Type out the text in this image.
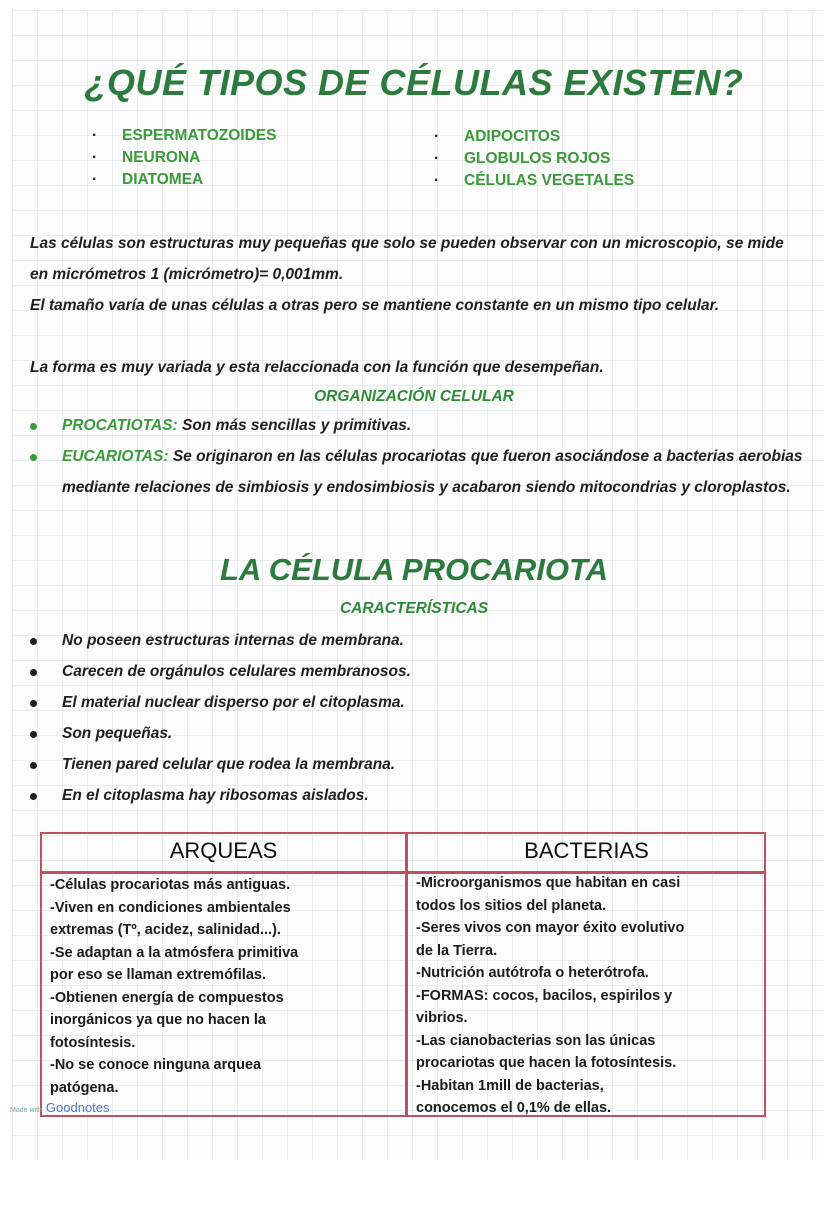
¿QUÉ TIPOS DE CÉLULAS EXISTEN?
· ESPERMATOZOIDES
· NEURONA
· DIATOMEA
· ADIPOCITOS
· GLOBULOS ROJOS
· CÉLULAS VEGETALES

Las células son estructuras muy pequeñas que solo se pueden observar con un microscopio, se mide en micrómetros 1 (micrómetro)= 0,001mm.

El tamaño varía de unas células a otras pero se mantiene constante en un mismo tipo celular.

La forma es muy variada y esta relaccionada con la función que desempeñan.

ORGANIZACIÓN CELULAR
PROCATIOTAS: Son más sencillas y primitivas.
EUCARIOTAS: Se originaron en las células procariotas que fueron asociándose a bacterias aerobias mediante relaciones de simbiosis y endosimbiosis y acabaron siendo mitocondrias y cloroplastos.
LA CÉLULA PROCARIOTA
CARACTERÍSTICAS
No poseen estructuras internas de membrana.
Carecen de orgánulos celulares membranosos.
El material nuclear disperso por el citoplasma.
Son pequeñas.
Tienen pared celular que rodea la membrana.
En el citoplasma hay ribosomas aislados.
ARQUEAS	BACTERIAS
-Células procariotas más antiguas.
-Viven en condiciones ambientales
extremas (Tº, acidez, salinidad...).
-Se adaptan a la atmósfera primitiva
por eso se llaman extremófilas.
-Obtienen energía de compuestos
inorgánicos ya que no hacen la
fotosíntesis.
-No se conoce ninguna arquea
patógena.
-Microorganismos que habitan en casi
todos los sitios del planeta.
-Seres vivos con mayor éxito evolutivo
de la Tierra.
-Nutrición autótrofa o heterótrofa.
-FORMAS: cocos, bacilos, espirilos y
vibrios.
-Las cianobacterias son las únicas
procariotas que hacen la fotosíntesis.
-Habitan 1mill de bacterias,
conocemos el 0,1% de ellas.
Made with Goodnotes
